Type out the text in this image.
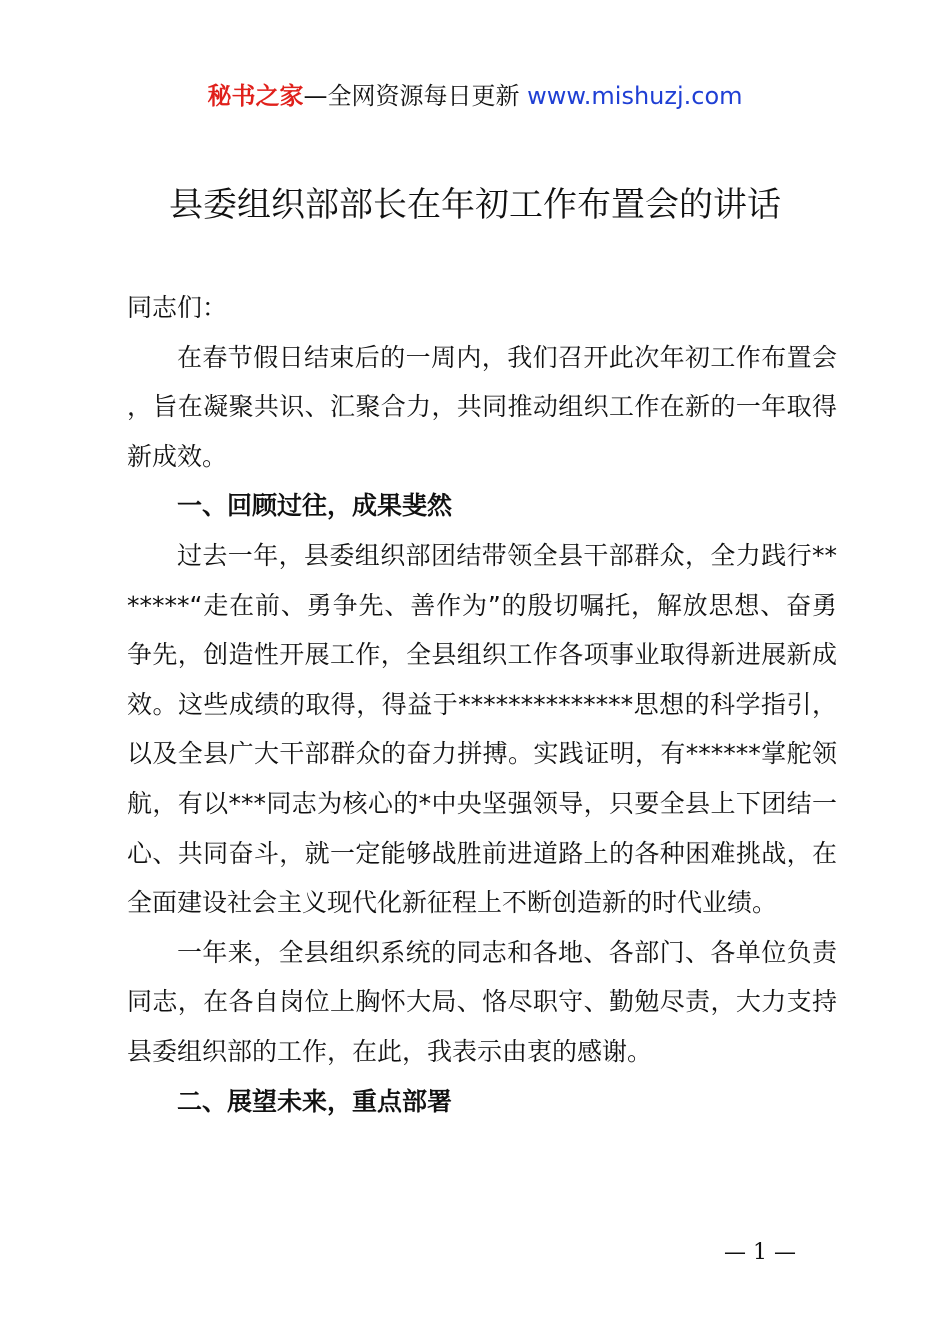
秘书之家—全网资源每日更新 www.mishuzj.com
县委组织部部长在年初工作布置会的讲话

同志们：

在春节假日结束后的一周内，我们召开此次年初工作布置会，旨在凝聚共识、汇聚合力，共同推动组织工作在新的一年取得新成效。

一、回顾过往，成果斐然

过去一年，县委组织部团结带领全县干部群众，全力践行*******“走在前、勇争先、善作为”的殷切嘱托，解放思想、奋勇争先，创造性开展工作，全县组织工作各项事业取得新进展新成效。这些成绩的取得，得益于**************思想的科学指引，以及全县广大干部群众的奋力拼搏。实践证明，有******掌舵领航，有以***同志为核心的*中央坚强领导，只要全县上下团结一心、共同奋斗，就一定能够战胜前进道路上的各种困难挑战，在全面建设社会主义现代化新征程上不断创造新的时代业绩。

一年来，全县组织系统的同志和各地、各部门、各单位负责同志，在各自岗位上胸怀大局、恪尽职守、勤勉尽责，大力支持县委组织部的工作，在此，我表示由衷的感谢。

二、展望未来，重点部署

— 1 —
